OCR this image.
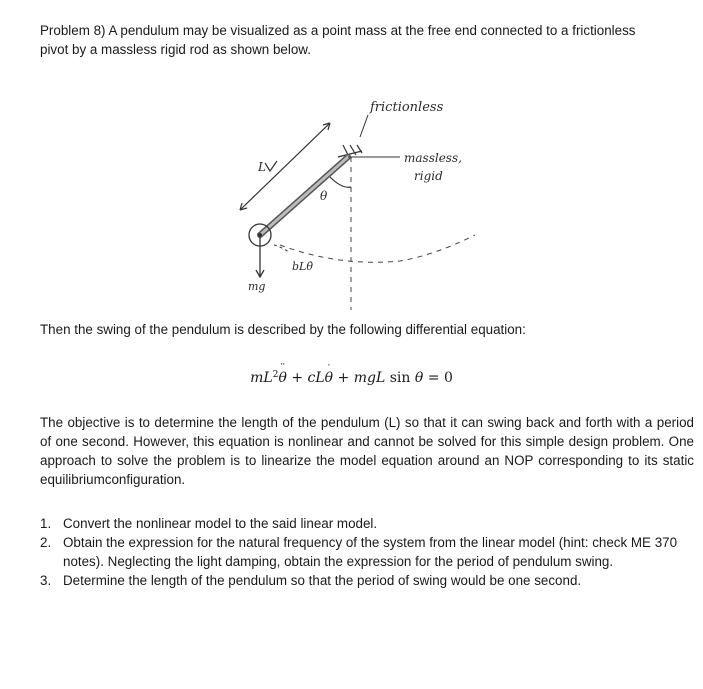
Problem 8) A pendulum may be visualized as a point mass at the free end connected to a frictionless pivot by a massless rigid rod as shown below.

frictionless
massless,
rigid
θ
L
bLθ̇
mg

Then the swing of the pendulum is described by the following differential equation:

$mL^2\theta$ ¨ + cLθ ˙ + mgL sin θ = 0

The objective is to determine the length of the pendulum (L) so that it can swing back and forth with a period of one second. However, this equation is nonlinear and cannot be solved for this simple design problem. One approach to solve the problem is to linearize the model equation around an NOP corresponding to its static equilibriumconfiguration.

1. Convert the nonlinear model to the said linear model.
2. Obtain the expression for the natural frequency of the system from the linear model (hint: check ME 370 notes). Neglecting the light damping, obtain the expression for the period of pendulum swing.
3. Determine the length of the pendulum so that the period of swing would be one second.
